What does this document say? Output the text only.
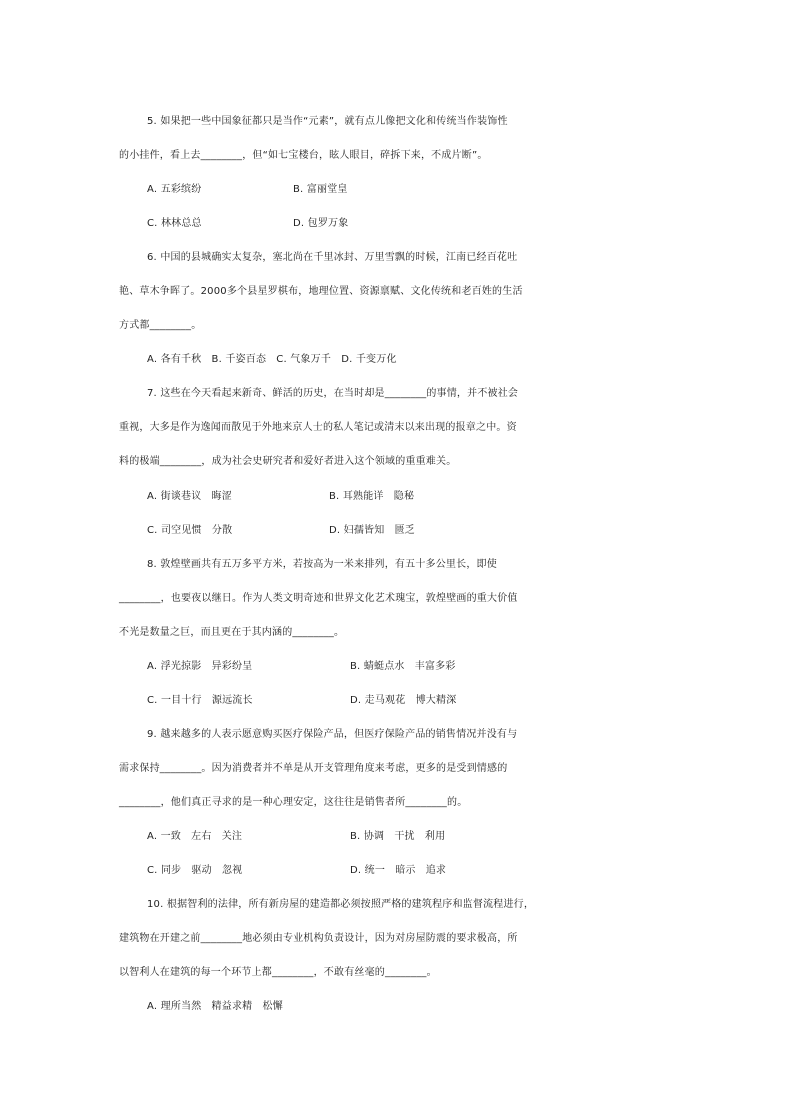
5. 如果把一些中国象征都只是当作“元素”，就有点儿像把文化和传统当作装饰性
的小挂件，看上去________，但“如七宝楼台，眩人眼目，碎拆下来，不成片断”。

A. 五彩缤纷

	B. 富丽堂皇

C. 林林总总

	D. 包罗万象

6. 中国的县城确实太复杂，塞北尚在千里冰封、万里雪飘的时候，江南已经百花吐
艳、草木争晖了。2000多个县星罗棋布，地理位置、资源禀赋、文化传统和老百姓的生活
方式都________。
A. 各有千秋   B. 千姿百态   C. 气象万千   D. 千变万化
7. 这些在今天看起来新奇、鲜活的历史，在当时却是________的事情，并不被社会
重视，大多是作为逸闻而散见于外地来京人士的私人笔记或清末以来出现的报章之中。资
料的极端________，成为社会史研究者和爱好者进入这个领域的重重难关。

A. 街谈巷议   晦涩

	B. 耳熟能详   隐秘

C. 司空见惯   分散

	D. 妇孺皆知   匮乏

8. 敦煌壁画共有五万多平方米，若按高为一米来排列，有五十多公里长，即使
________，也要夜以继日。作为人类文明奇迹和世界文化艺术瑰宝，敦煌壁画的重大价值
不光是数量之巨，而且更在于其内涵的________。

A. 浮光掠影   异彩纷呈

	B. 蜻蜓点水   丰富多彩

C. 一目十行   源远流长

	D. 走马观花   博大精深

9. 越来越多的人表示愿意购买医疗保险产品，但医疗保险产品的销售情况并没有与
需求保持________。因为消费者并不单是从开支管理角度来考虑，更多的是受到情感的
________，他们真正寻求的是一种心理安定，这往往是销售者所________的。

A. 一致   左右   关注

	B. 协调   干扰   利用

C. 同步   驱动   忽视

	D. 统一   暗示   追求

10. 根据智利的法律，所有新房屋的建造都必须按照严格的建筑程序和监督流程进行，
建筑物在开建之前________地必须由专业机构负责设计，因为对房屋防震的要求极高，所
以智利人在建筑的每一个环节上都________，不敢有丝毫的________。
A. 理所当然   精益求精   松懈
